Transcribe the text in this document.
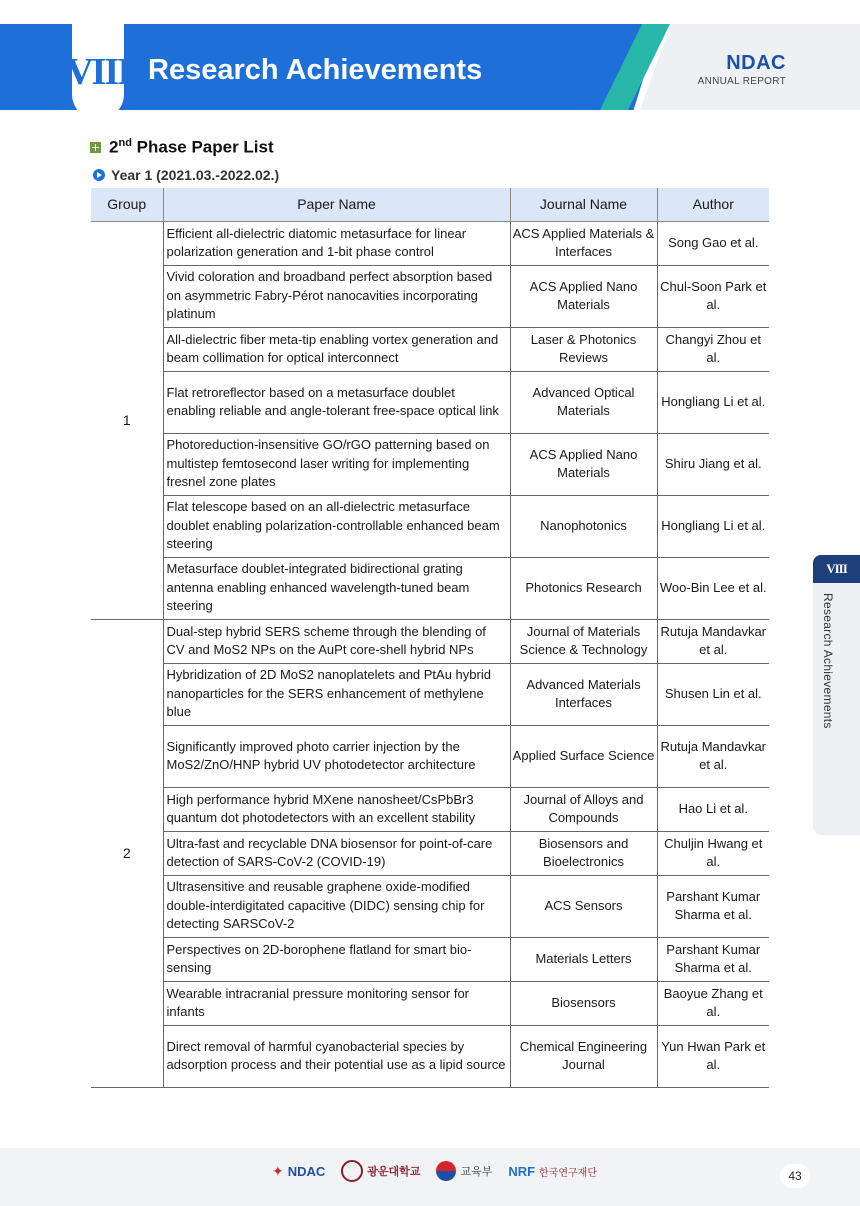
VIII Research Achievements	NDAC
ANNUAL REPORT
2nd Phase Paper List
Year 1 (2021.03.-2022.02.)
Group	Paper Name	Journal Name	Author
1	Efficient all-dielectric diatomic metasurface for linear polarization generation and 1-bit phase control	ACS Applied Materials & Interfaces	Song Gao et al.
	Vivid coloration and broadband perfect absorption based on asymmetric Fabry-Pérot nanocavities incorporating platinum	ACS Applied Nano Materials	Chul-Soon Park et al.
	All-dielectric fiber meta-tip enabling vortex generation and beam collimation for optical interconnect	Laser & Photonics Reviews	Changyi Zhou et al.
	Flat retroreflector based on a metasurface doublet enabling reliable and angle-tolerant free-space optical link	Advanced Optical Materials	Hongliang Li et al.
	Photoreduction-insensitive GO/rGO patterning based on multistep femtosecond laser writing for implementing fresnel zone plates	ACS Applied Nano Materials	Shiru Jiang et al.
	Flat telescope based on an all-dielectric metasurface doublet enabling polarization-controllable enhanced beam steering	Nanophotonics	Hongliang Li et al.
	Metasurface doublet-integrated bidirectional grating antenna enabling enhanced wavelength-tuned beam steering	Photonics Research	Woo-Bin Lee et al.
2	Dual-step hybrid SERS scheme through the blending of CV and MoS2 NPs on the AuPt core-shell hybrid NPs	Journal of Materials Science & Technology	Rutuja Mandavkar et al.
	Hybridization of 2D MoS2 nanoplatelets and PtAu hybrid nanoparticles for the SERS enhancement of methylene blue	Advanced Materials Interfaces	Shusen Lin et al.
	Significantly improved photo carrier injection by the MoS2/ZnO/HNP hybrid UV photodetector architecture	Applied Surface Science	Rutuja Mandavkar et al.
	High performance hybrid MXene nanosheet/CsPbBr3 quantum dot photodetectors with an excellent stability	Journal of Alloys and Compounds	Hao Li et al.
	Ultra-fast and recyclable DNA biosensor for point-of-care detection of SARS-CoV-2 (COVID-19)	Biosensors and Bioelectronics	Chuljin Hwang et al.
	Ultrasensitive and reusable graphene oxide-modified double-interdigitated capacitive (DIDC) sensing chip for detecting SARSCoV-2	ACS Sensors	Parshant Kumar Sharma et al.
	Perspectives on 2D-borophene flatland for smart bio-sensing	Materials Letters	Parshant Kumar Sharma et al.
	Wearable intracranial pressure monitoring sensor for infants	Biosensors	Baoyue Zhang et al.
	Direct removal of harmful cyanobacterial species by adsorption process and their potential use as a lipid source	Chemical Engineering Journal	Yun Hwan Park et al.
VIII
Research Achievements
✦ NDAC	광운대학교	교육부 NRF 한국연구재단	43
